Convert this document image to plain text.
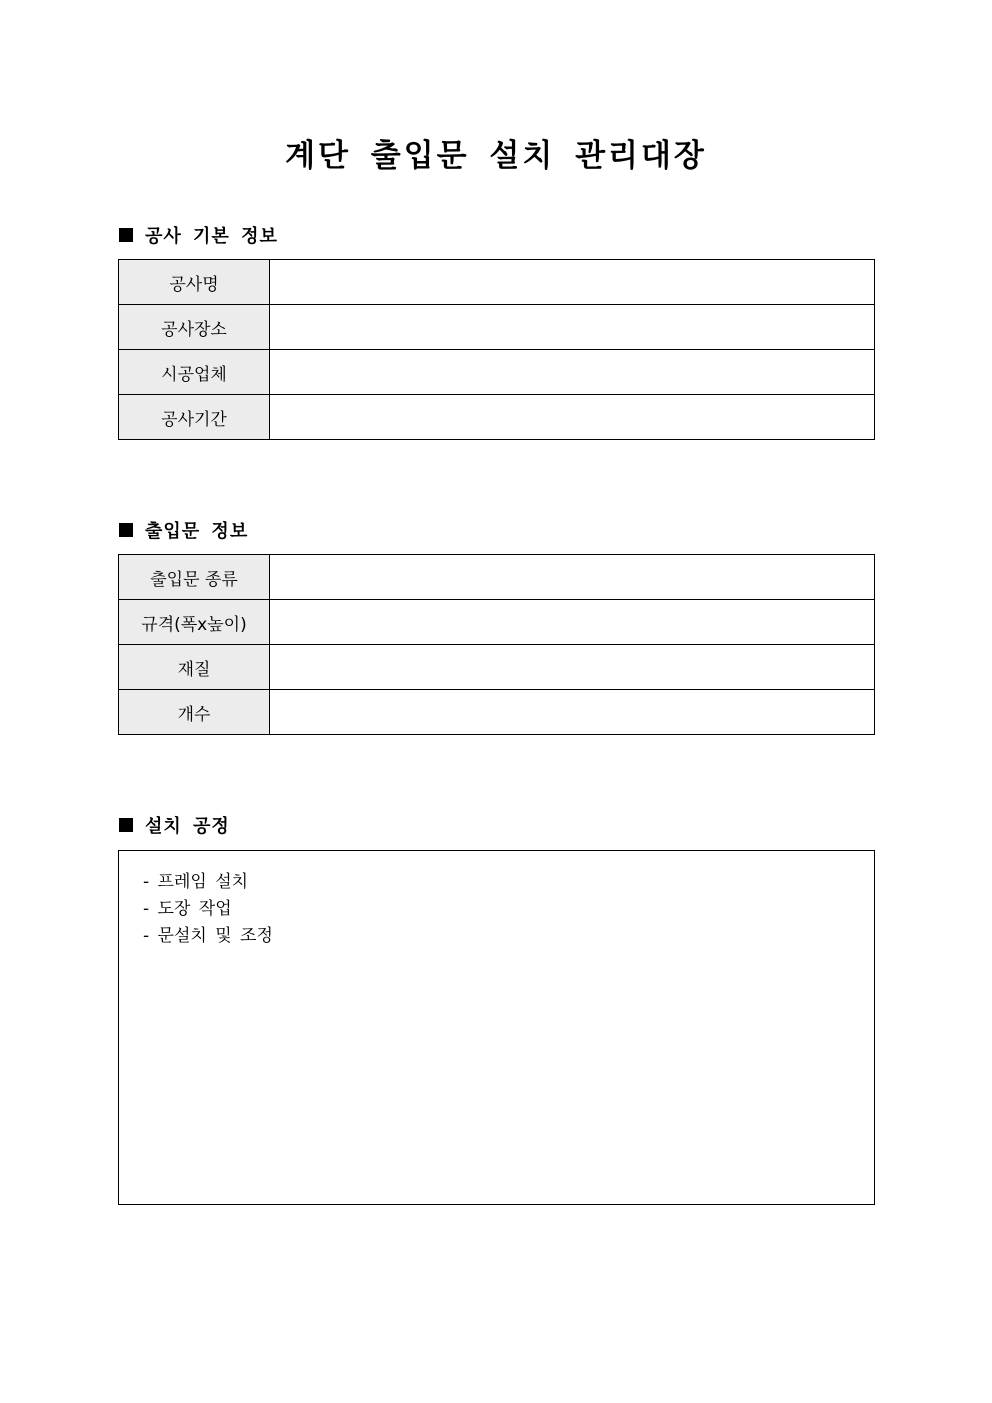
계단 출입문 설치 관리대장
공사 기본 정보
공사명	
공사장소	
시공업체	
공사기간	
출입문 정보
출입문 종류	
규격(폭x높이)	
재질	
개수	
설치 공정
- 프레임 설치
- 도장 작업
- 문설치 및 조정
